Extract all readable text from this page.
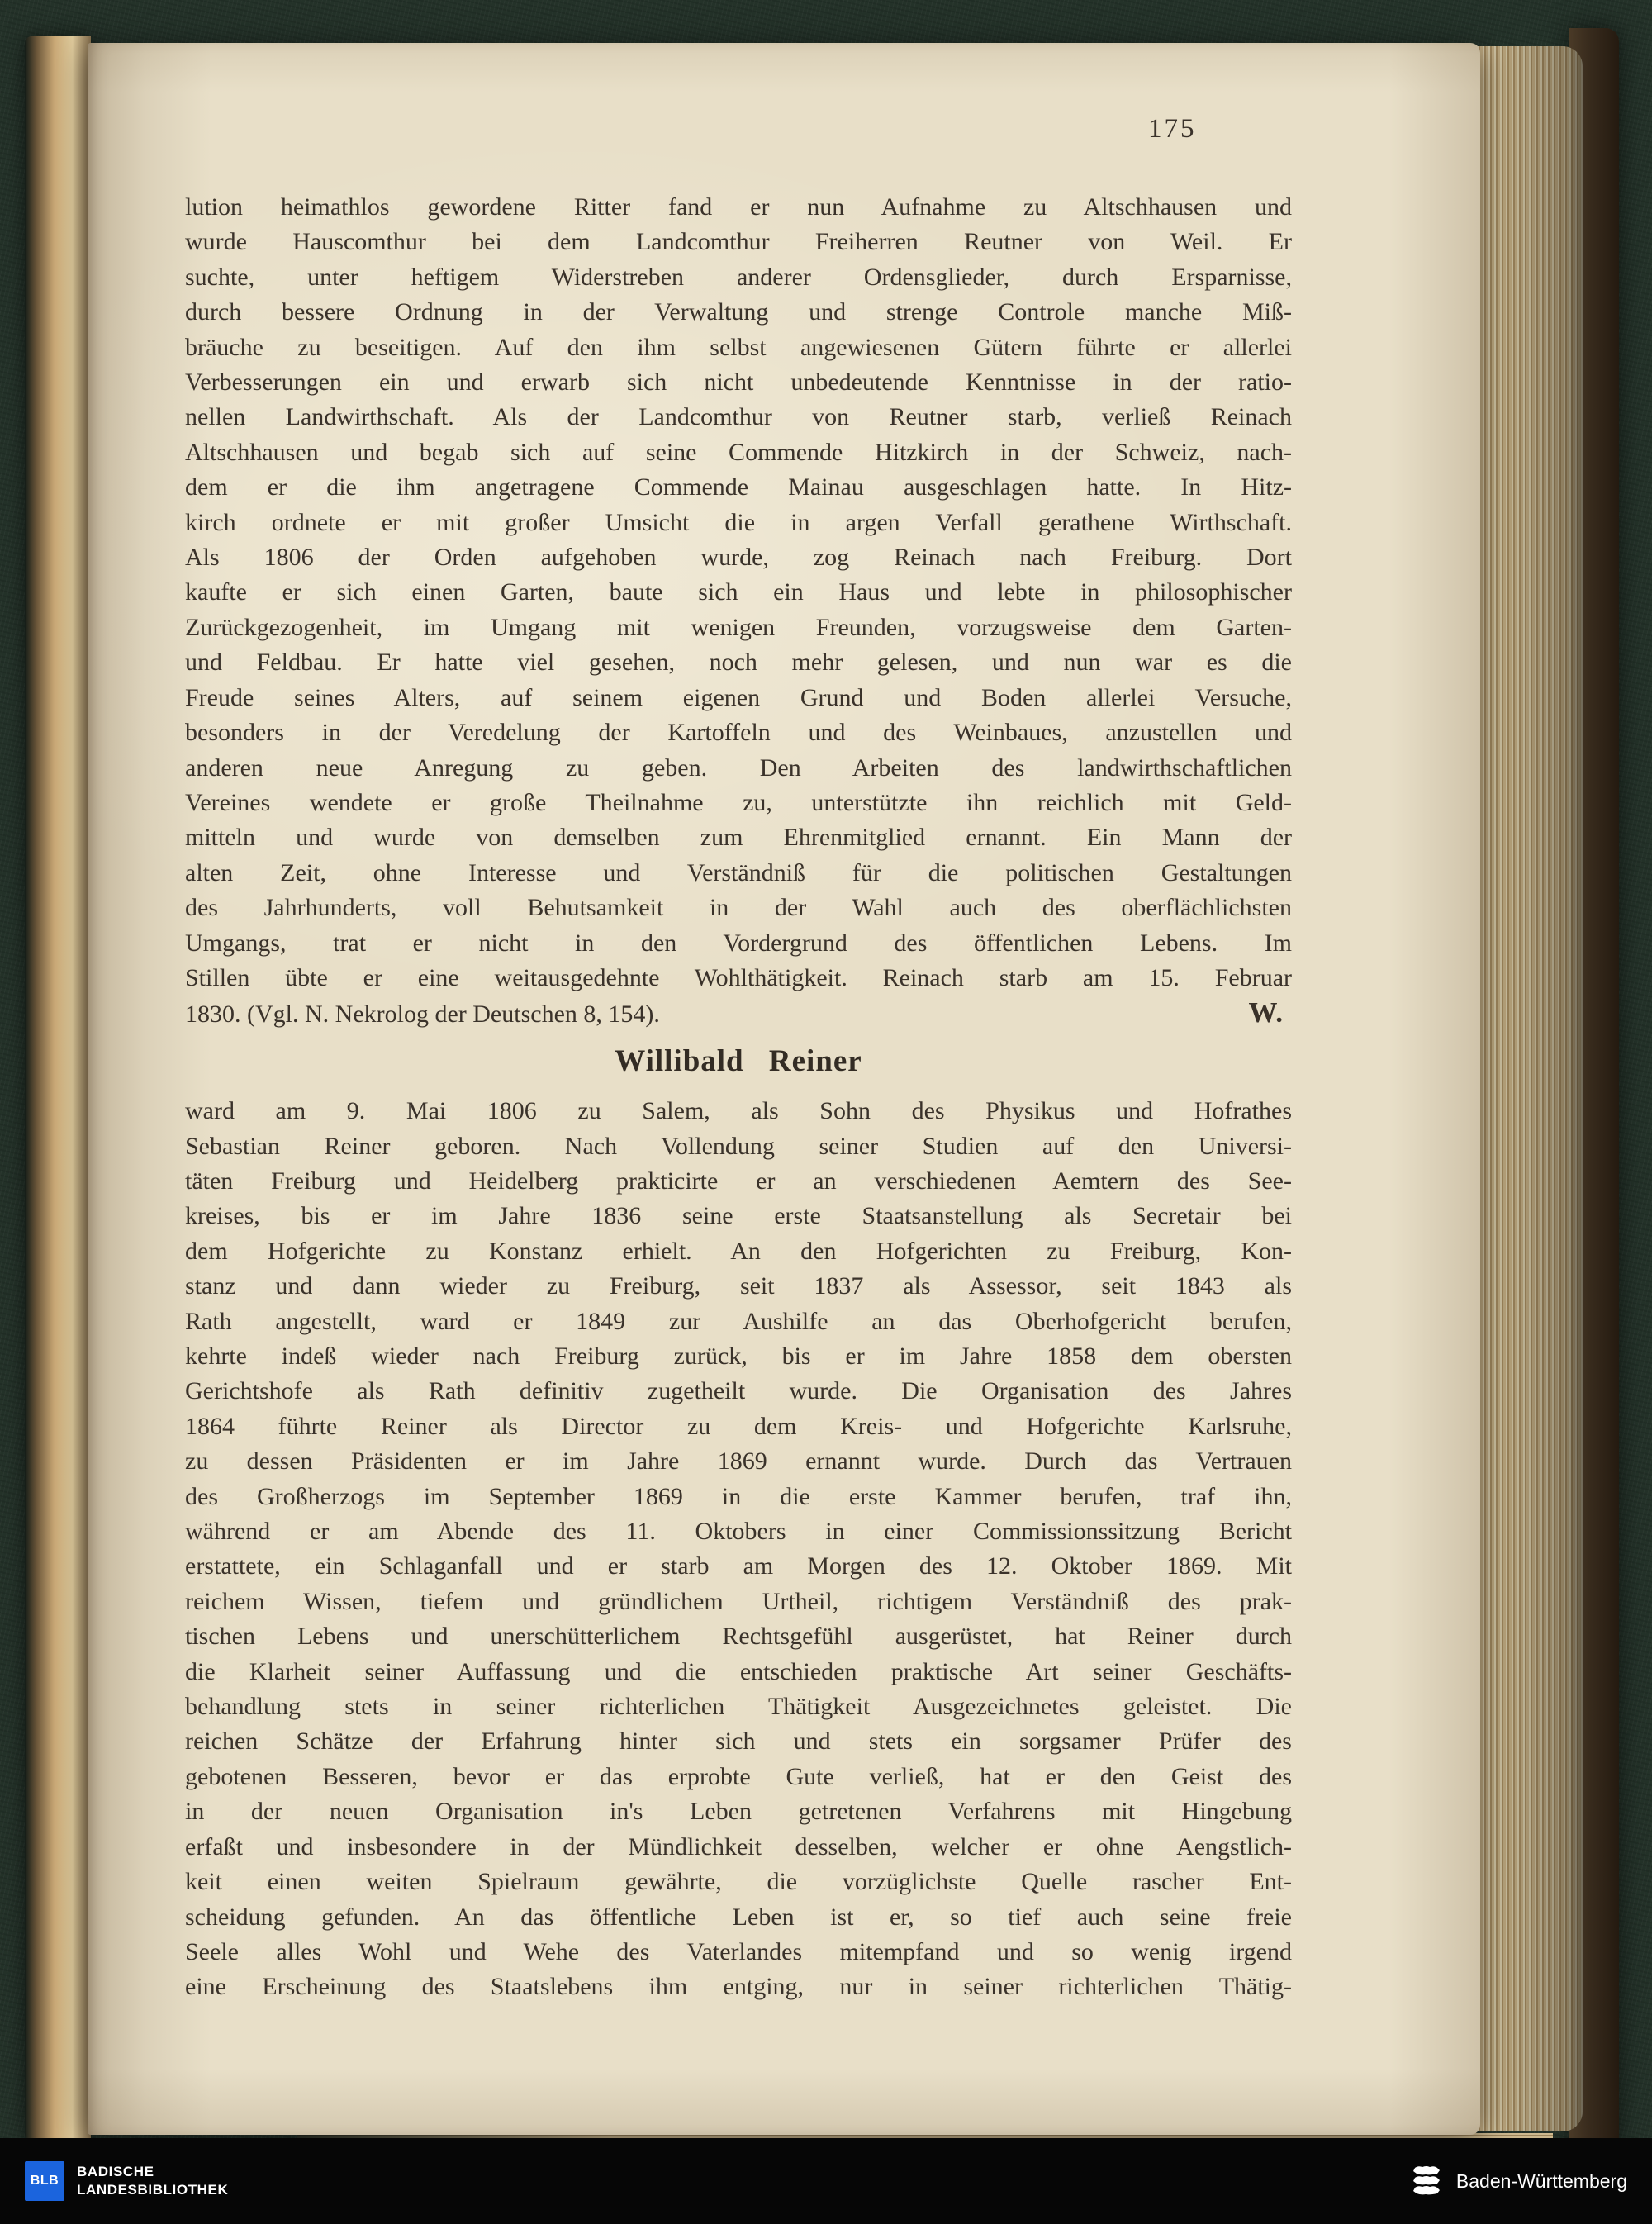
175
lution heimathlos gewordene Ritter fand er nun Aufnahme zu Altschhausen und
wurde Hauscomthur bei dem Landcomthur Freiherren Reutner von Weil. Er
suchte, unter heftigem Widerstreben anderer Ordensglieder, durch Ersparnisse,
durch bessere Ordnung in der Verwaltung und strenge Controle manche Miß-
bräuche zu beseitigen. Auf den ihm selbst angewiesenen Gütern führte er allerlei
Verbesserungen ein und erwarb sich nicht unbedeutende Kenntnisse in der ratio-
nellen Landwirthschaft. Als der Landcomthur von Reutner starb, verließ Reinach
Altschhausen und begab sich auf seine Commende Hitzkirch in der Schweiz, nach-
dem er die ihm angetragene Commende Mainau ausgeschlagen hatte. In Hitz-
kirch ordnete er mit großer Umsicht die in argen Verfall gerathene Wirthschaft.
Als 1806 der Orden aufgehoben wurde, zog Reinach nach Freiburg. Dort
kaufte er sich einen Garten, baute sich ein Haus und lebte in philosophischer
Zurückgezogenheit, im Umgang mit wenigen Freunden, vorzugsweise dem Garten-
und Feldbau. Er hatte viel gesehen, noch mehr gelesen, und nun war es die
Freude seines Alters, auf seinem eigenen Grund und Boden allerlei Versuche,
besonders in der Veredelung der Kartoffeln und des Weinbaues, anzustellen und
anderen neue Anregung zu geben. Den Arbeiten des landwirthschaftlichen
Vereines wendete er große Theilnahme zu, unterstützte ihn reichlich mit Geld-
mitteln und wurde von demselben zum Ehrenmitglied ernannt. Ein Mann der
alten Zeit, ohne Interesse und Verständniß für die politischen Gestaltungen
des Jahrhunderts, voll Behutsamkeit in der Wahl auch des oberflächlichsten
Umgangs, trat er nicht in den Vordergrund des öffentlichen Lebens. Im
Stillen übte er eine weitausgedehnte Wohlthätigkeit. Reinach starb am 15. Februar
1830. (Vgl. N. Nekrolog der Deutschen 8, 154).	W.
Willibald Reiner
ward am 9. Mai 1806 zu Salem, als Sohn des Physikus und Hofrathes
Sebastian Reiner geboren. Nach Vollendung seiner Studien auf den Universi-
täten Freiburg und Heidelberg prakticirte er an verschiedenen Aemtern des See-
kreises, bis er im Jahre 1836 seine erste Staatsanstellung als Secretair bei
dem Hofgerichte zu Konstanz erhielt. An den Hofgerichten zu Freiburg, Kon-
stanz und dann wieder zu Freiburg, seit 1837 als Assessor, seit 1843 als
Rath angestellt, ward er 1849 zur Aushilfe an das Oberhofgericht berufen,
kehrte indeß wieder nach Freiburg zurück, bis er im Jahre 1858 dem obersten
Gerichtshofe als Rath definitiv zugetheilt wurde. Die Organisation des Jahres
1864 führte Reiner als Director zu dem Kreis- und Hofgerichte Karlsruhe,
zu dessen Präsidenten er im Jahre 1869 ernannt wurde. Durch das Vertrauen
des Großherzogs im September 1869 in die erste Kammer berufen, traf ihn,
während er am Abende des 11. Oktobers in einer Commissionssitzung Bericht
erstattete, ein Schlaganfall und er starb am Morgen des 12. Oktober 1869. Mit
reichem Wissen, tiefem und gründlichem Urtheil, richtigem Verständniß des prak-
tischen Lebens und unerschütterlichem Rechtsgefühl ausgerüstet, hat Reiner durch
die Klarheit seiner Auffassung und die entschieden praktische Art seiner Geschäfts-
behandlung stets in seiner richterlichen Thätigkeit Ausgezeichnetes geleistet. Die
reichen Schätze der Erfahrung hinter sich und stets ein sorgsamer Prüfer des
gebotenen Besseren, bevor er das erprobte Gute verließ, hat er den Geist des
in der neuen Organisation in's Leben getretenen Verfahrens mit Hingebung
erfaßt und insbesondere in der Mündlichkeit desselben, welcher er ohne Aengstlich-
keit einen weiten Spielraum gewährte, die vorzüglichste Quelle rascher Ent-
scheidung gefunden. An das öffentliche Leben ist er, so tief auch seine freie
Seele alles Wohl und Wehe des Vaterlandes mitempfand und so wenig irgend
eine Erscheinung des Staatslebens ihm entging, nur in seiner richterlichen Thätig-
BLB
BADISCHE
LANDESBIBLIOTHEK	Baden-Württemberg
